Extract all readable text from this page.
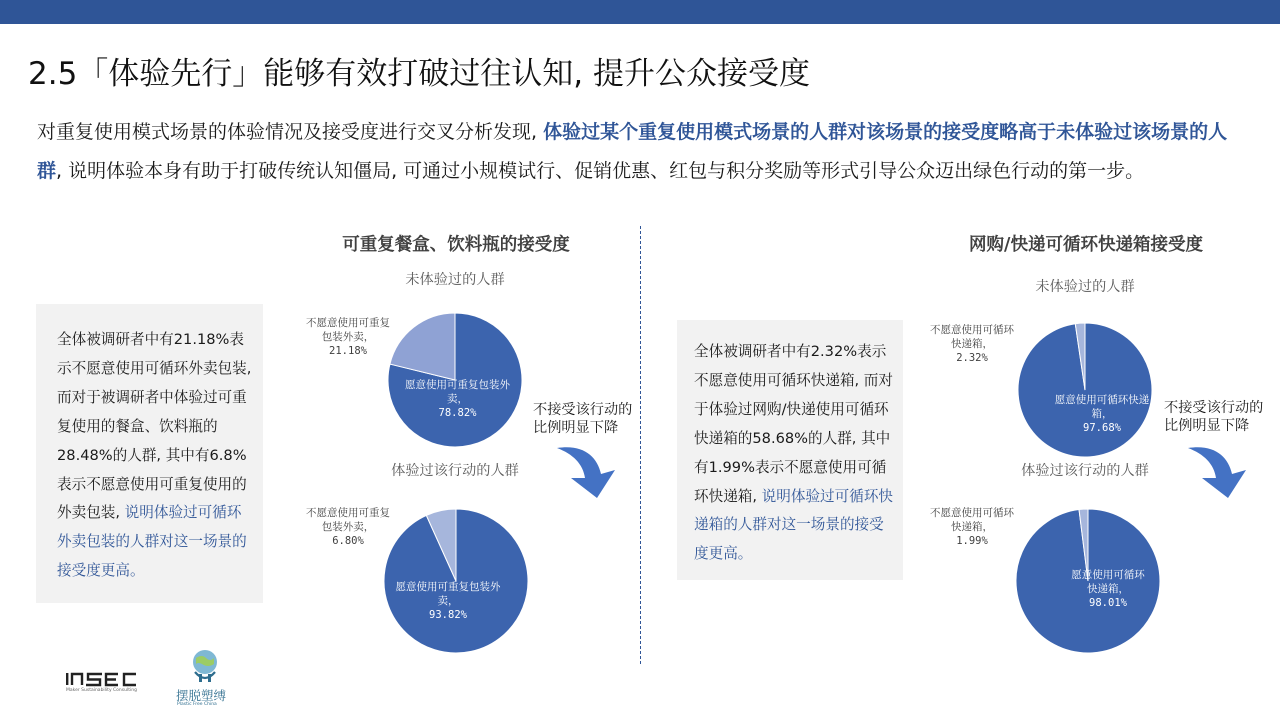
2.5「体验先行」能够有效打破过往认知, 提升公众接受度
对重复使用模式场景的体验情况及接受度进行交叉分析发现, 体验过某个重复使用模式场景的人群对该场景的接受度略高于未体验过该场景的人群, 说明体验本身有助于打破传统认知僵局, 可通过小规模试行、促销优惠、红包与积分奖励等形式引导公众迈出绿色行动的第一步。
可重复餐盒、饮料瓶的接受度
未体验过的人群
体验过该行动的人群
全体被调研者中有21.18%表示不愿意使用可循环外卖包装, 而对于被调研者中体验过可重复使用的餐盒、饮料瓶的28.48%的人群, 其中有6.8%表示不愿意使用可重复使用的外卖包装, 说明体验过可循环外卖包装的人群对这一场景的接受度更高。
愿意使用可重复包装外卖，
78.82%
不愿意使用可重复包装外卖，
21.18%
愿意使用可重复包装外卖，
93.82%
不愿意使用可重复包装外卖，
6.80%
不接受该行动的
比例明显下降
网购/快递可循环快递箱接受度
未体验过的人群
体验过该行动的人群
全体被调研者中有2.32%表示不愿意使用可循环快递箱, 而对于体验过网购/快递使用可循环快递箱的58.68%的人群, 其中有1.99%表示不愿意使用可循环快递箱, 说明体验过可循环快递箱的人群对这一场景的接受度更高。
愿意使用可循环快递箱，
97.68%
不愿意使用可循环快递箱，
2.32%
愿意使用可循环快递箱，
98.01%
不愿意使用可循环快递箱，
1.99%
不接受该行动的
比例明显下降
Maker Sustainability Consulting	摆脱塑缚
Plastic Free China
